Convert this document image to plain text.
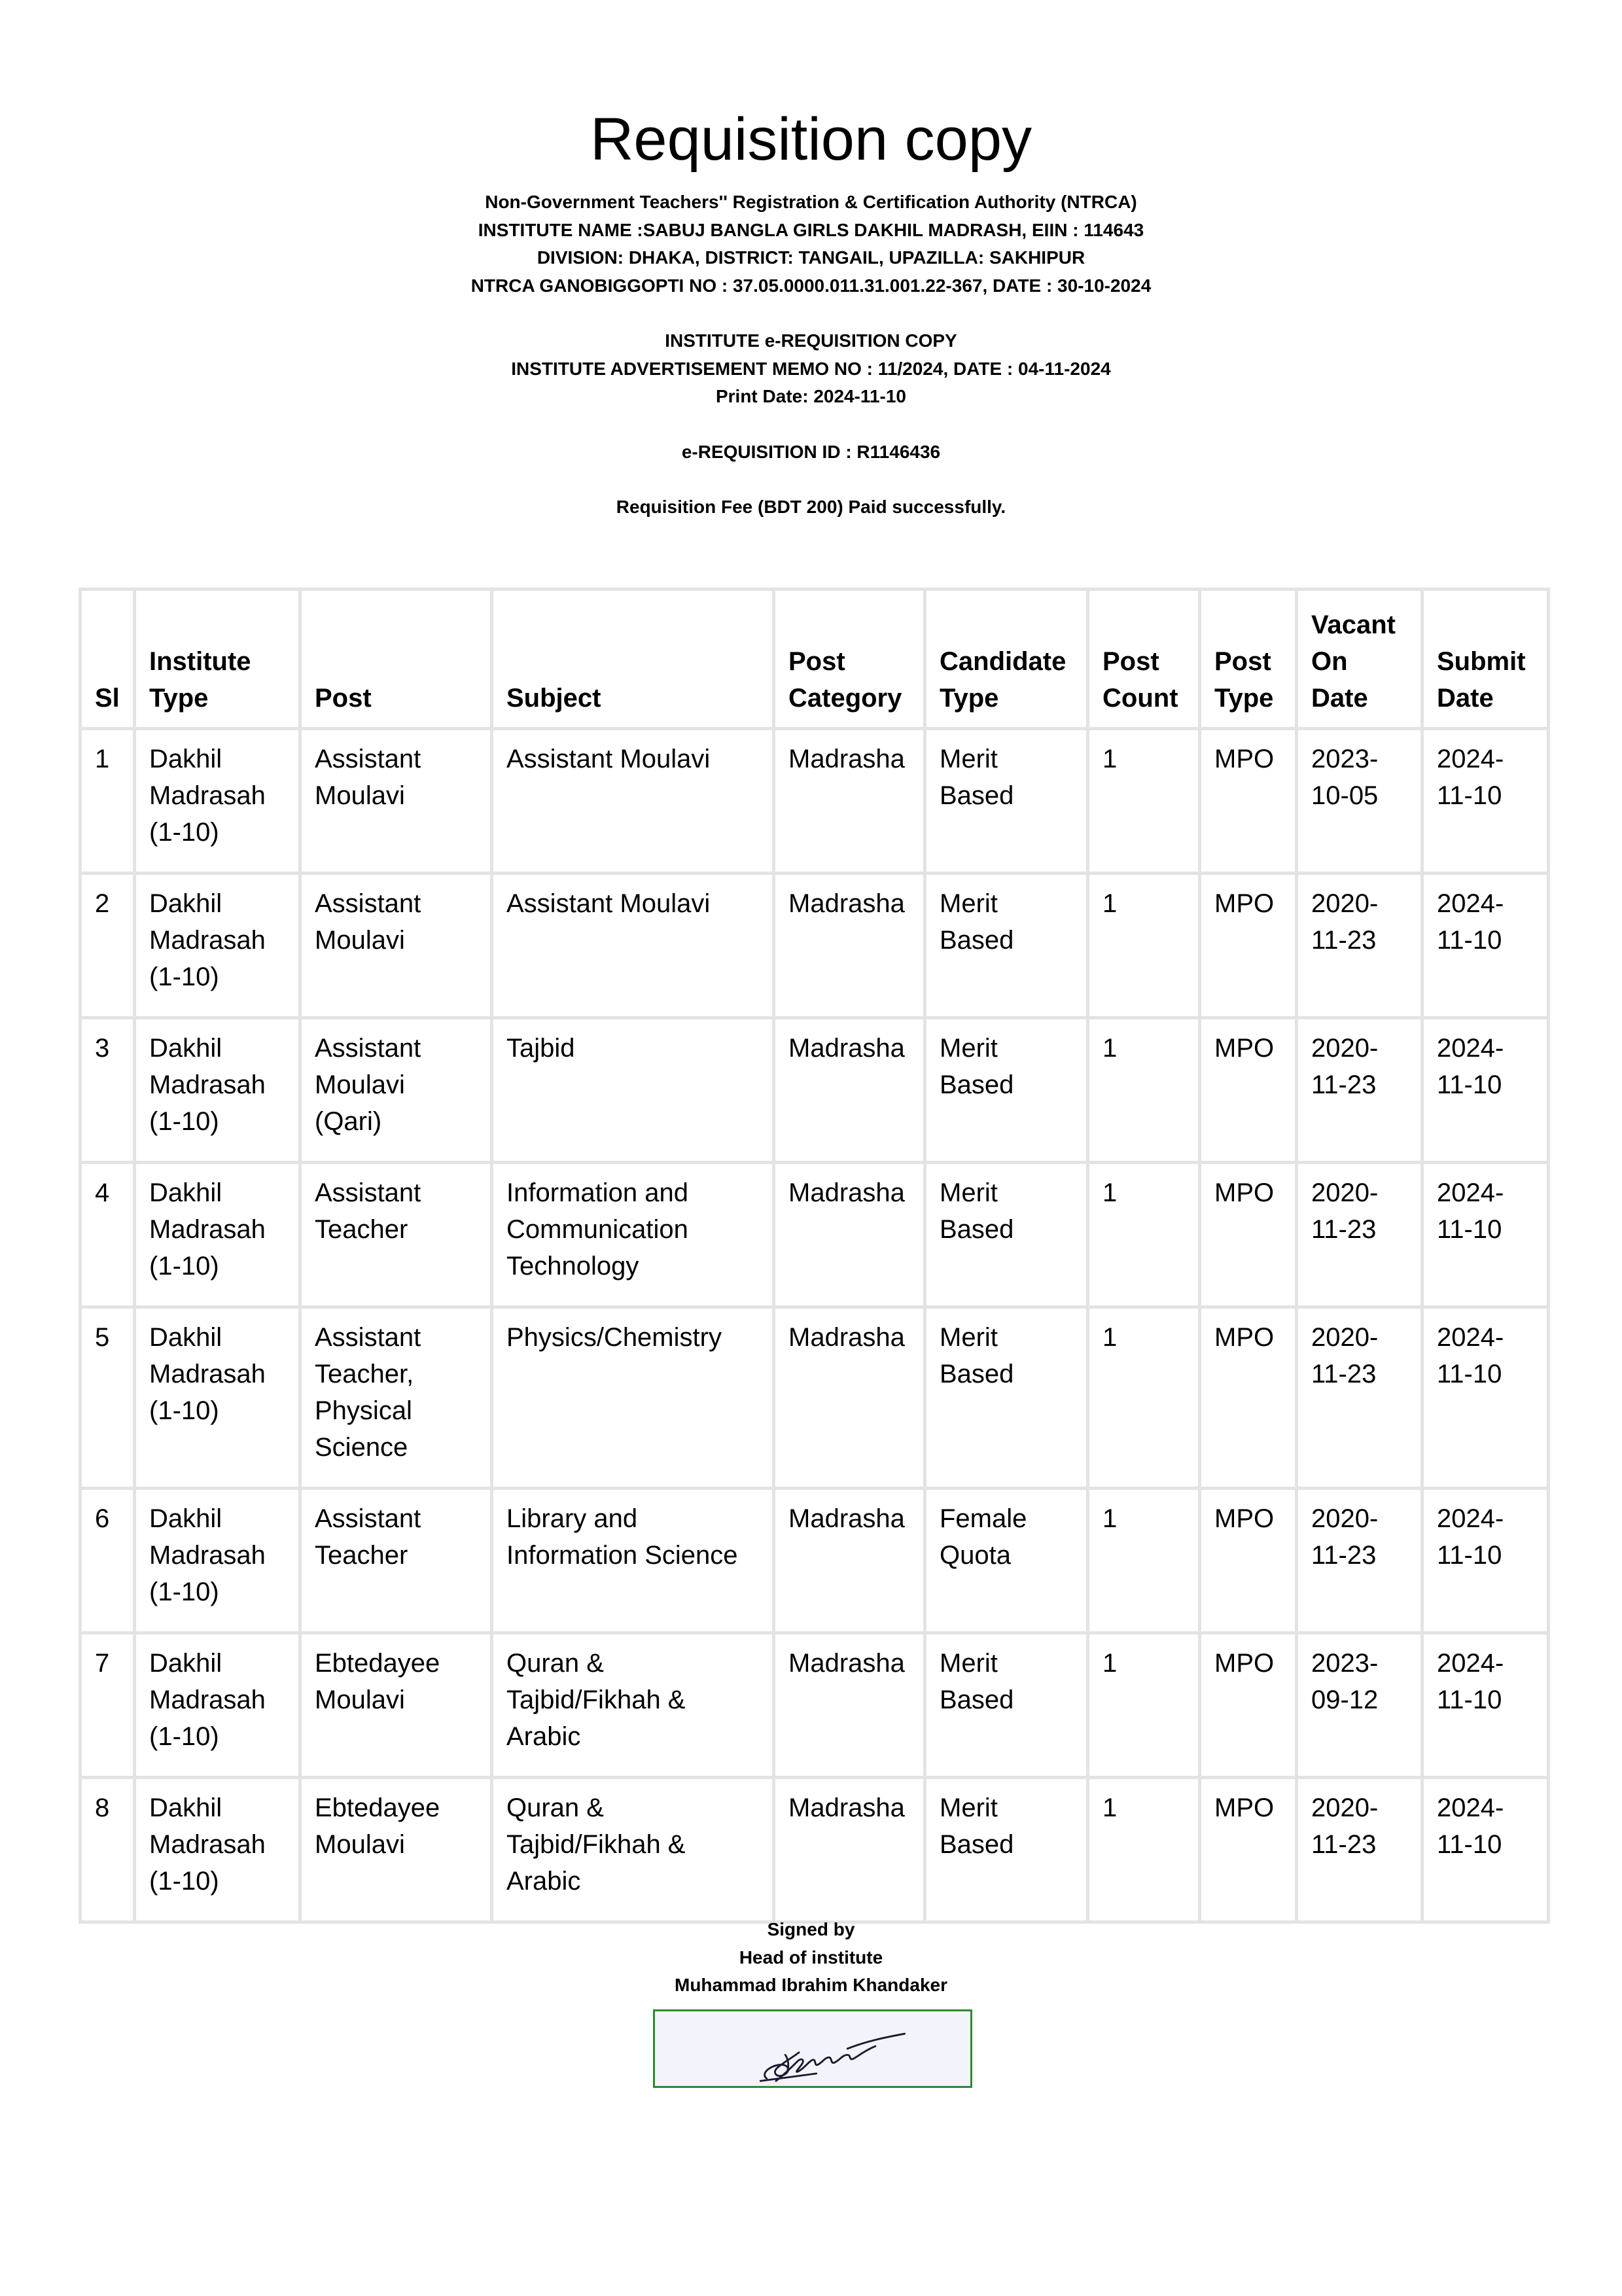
Requisition copy
Non-Government Teachers'' Registration & Certification Authority (NTRCA)
INSTITUTE NAME :SABUJ BANGLA GIRLS DAKHIL MADRASH, EIIN : 114643
DIVISION: DHAKA, DISTRICT: TANGAIL, UPAZILLA: SAKHIPUR
NTRCA GANOBIGGOPTI NO : 37.05.0000.011.31.001.22-367, DATE : 30-10-2024
INSTITUTE e-REQUISITION COPY
INSTITUTE ADVERTISEMENT MEMO NO : 11/2024, DATE : 04-11-2024
Print Date: 2024-11-10
e-REQUISITION ID : R1146436
Requisition Fee (BDT 200) Paid successfully.
Sl	Institute Type	Post	Subject	Post Category	Candidate Type	Post Count	Post Type	Vacant On Date	Submit Date
1	Dakhil Madrasah (1-10)	Assistant Moulavi	Assistant Moulavi	Madrasha	Merit Based	1	MPO	2023-10-05	2024-11-10
2	Dakhil Madrasah (1-10)	Assistant Moulavi	Assistant Moulavi	Madrasha	Merit Based	1	MPO	2020-11-23	2024-11-10
3	Dakhil Madrasah (1-10)	Assistant Moulavi (Qari)	Tajbid	Madrasha	Merit Based	1	MPO	2020-11-23	2024-11-10
4	Dakhil Madrasah (1-10)	Assistant Teacher	Information and Communication Technology	Madrasha	Merit Based	1	MPO	2020-11-23	2024-11-10
5	Dakhil Madrasah (1-10)	Assistant Teacher, Physical Science	Physics/Chemistry	Madrasha	Merit Based	1	MPO	2020-11-23	2024-11-10
6	Dakhil Madrasah (1-10)	Assistant Teacher	Library and Information Science	Madrasha	Female Quota	1	MPO	2020-11-23	2024-11-10
7	Dakhil Madrasah (1-10)	Ebtedayee Moulavi	Quran & Tajbid/Fikhah & Arabic	Madrasha	Merit Based	1	MPO	2023-09-12	2024-11-10
8	Dakhil Madrasah (1-10)	Ebtedayee Moulavi	Quran & Tajbid/Fikhah & Arabic	Madrasha	Merit Based	1	MPO	2020-11-23	2024-11-10
Signed by
Head of institute
Muhammad Ibrahim Khandaker
